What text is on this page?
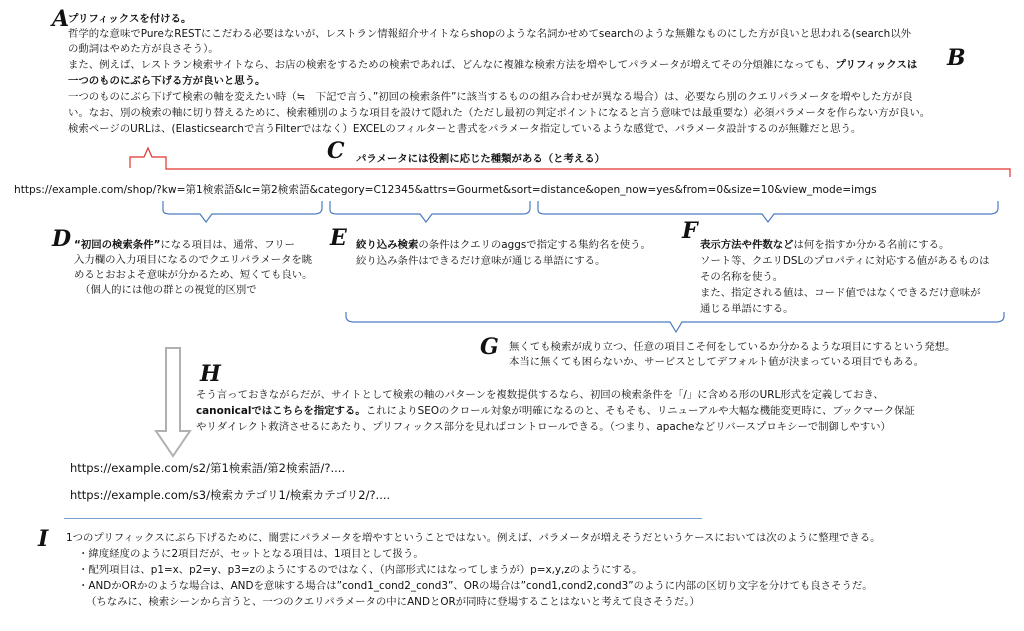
A
B
C
D	E	F
G
H
I
プリフィックスを付ける。
哲学的な意味でPureなRESTにこだわる必要はないが、レストラン情報紹介サイトならshopのような名詞かせめてsearchのような無難なものにした方が良いと思われる(search以外
の動詞はやめた方が良さそう）。
また、例えば、レストラン検索サイトなら、お店の検索をするための検索であれば、どんなに複雑な検索方法を増やしてパラメータが増えてその分煩雑になっても、プリフィックスは
一つのものにぶら下げる方が良いと思う。
一つのものにぶら下げて検索の軸を変えたい時（≒　下記で言う、”初回の検索条件”に該当するものの組み合わせが異なる場合）は、必要なら別のクエリパラメータを増やした方が良
い。なお、別の検索の軸に切り替えるために、検索種別のような項目を設けて隠れた（ただし最初の判定ポイントになると言う意味では最重要な）必須パラメータを作らない方が良い。
検索ページのURLは、(Elasticsearchで言うFilterではなく）EXCELのフィルターと書式をパラメータ指定しているような感覚で、パラメータ設計するのが無難だと思う。
パラメータには役割に応じた種類がある（と考える）
https://example.com/shop/?kw=第1検索語&lc=第2検索語&category=C12345&attrs=Gourmet&sort=distance&open_now=yes&from=0&size=10&view_mode=imgs
“初回の検索条件”になる項目は、通常、フリー
入力欄の入力項目になるのでクエリパラメータを眺
めるとおおよそ意味が分かるため、短くても良い。
（個人的には他の群との視覚的区別で
絞り込み検索の条件はクエリのaggsで指定する集約名を使う。
絞り込み条件はできるだけ意味が通じる単語にする。
表示方法や件数などは何を指すか分かる名前にする。
ソート等、クエリDSLのプロパティに対応する値があるものは
その名称を使う。
また、指定される値は、コード値ではなくできるだけ意味が
通じる単語にする。
無くても検索が成り立つ、任意の項目こそ何をしているか分かるような項目にするという発想。
本当に無くても困らないか、サービスとしてデフォルト値が決まっている項目でもある。
そう言っておきながらだが、サイトとして検索の軸のパターンを複数提供するなら、初回の検索条件を「/」に含める形のURL形式を定義しておき、
canonicalではこちらを指定する。これによりSEOのクロール対象が明確になるのと、そもそも、リニューアルや大幅な機能変更時に、ブックマーク保証
やリダイレクト救済させるにあたり、プリフィックス部分を見ればコントロールできる。（つまり、apacheなどリバースプロキシーで制御しやすい）
https://example.com/s2/第1検索語/第2検索語/?....
https://example.com/s3/検索カテゴリ1/検索カテゴリ2/?....
1つのプリフィックスにぶら下げるために、闇雲にパラメータを増やすということではない。例えば、パラメータが増えそうだというケースにおいては次のように整理できる。
・緯度経度のように2項目だが、セットとなる項目は、1項目として扱う。
・配列項目は、p1=x、p2=y、p3=zのようにするのではなく、（内部形式にはなってしまうが）p=x,y,zのようにする。
・ANDかORかのような場合は、ANDを意味する場合は”cond1_cond2_cond3”、ORの場合は”cond1,cond2,cond3”のように内部の区切り文字を分けても良さそうだ。
（ちなみに、検索シーンから言うと、一つのクエリパラメータの中にANDとORが同時に登場することはないと考えて良さそうだ。）
